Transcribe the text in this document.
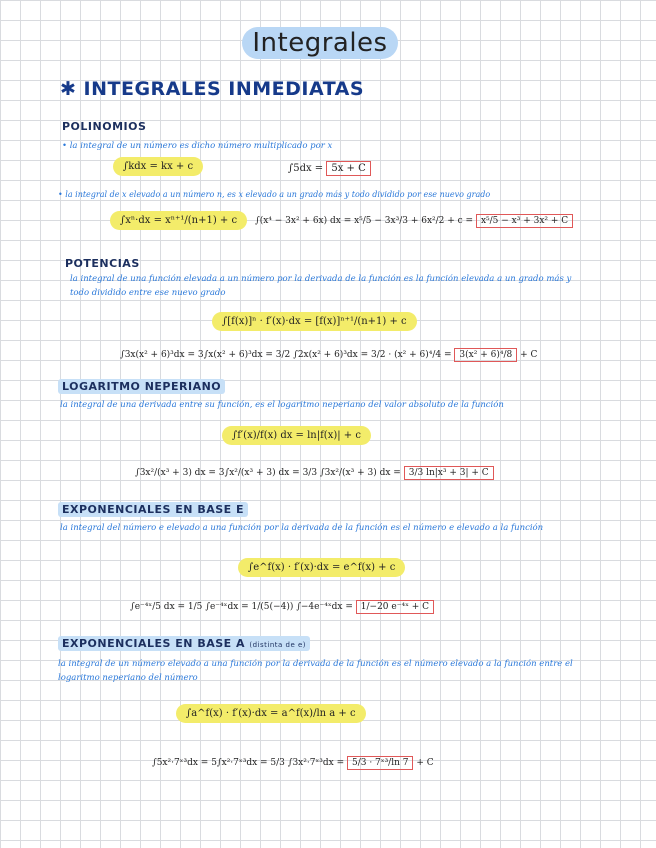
Integrales
✱ INTEGRALES INMEDIATAS
POLINOMIOS
• la integral de un número es dicho número multiplicado por x
∫kdx = kx + c	∫5dx = 5x + C
• la integral de x elevado a un número n, es x elevado a un grado más y todo dividido por ese nuevo grado
∫xⁿ·dx = xⁿ⁺¹/(n+1) + c	∫(x⁴ − 3x² + 6x) dx = x⁵/5 − 3x³/3 + 6x²/2 + c = x⁵/5 − x³ + 3x² + C
POTENCIAS
la integral de una función elevada a un número por la derivada de la función es la función elevada a un grado más y todo dividido entre ese nuevo grado
∫[f(x)]ⁿ · f′(x)·dx = [f(x)]ⁿ⁺¹/(n+1) + c
∫3x(x² + 6)³dx = 3∫x(x² + 6)³dx = 3/2 ∫2x(x² + 6)³dx = 3/2 · (x² + 6)⁴/4 = 3(x² + 6)⁴/8 + C
LOGARITMO NEPERIANO
la integral de una derivada entre su función, es el logaritmo neperiano del valor absoluto de la función
∫f′(x)/f(x) dx = ln|f(x)| + c
∫3x²/(x³ + 3) dx = 3∫x²/(x³ + 3) dx = 3/3 ∫3x²/(x³ + 3) dx = 3/3 ln|x³ + 3| + C
EXPONENCIALES EN BASE E
la integral del número e elevado a una función por la derivada de la función es el número e elevado a la función
∫e^f(x) · f′(x)·dx = e^f(x) + c
∫e⁻⁴ˣ/5 dx = 1/5 ∫e⁻⁴ˣdx = 1/(5(−4)) ∫−4e⁻⁴ˣdx = 1/−20 e⁻⁴ˣ + C
EXPONENCIALES EN BASE A (distinta de e)
la integral de un número elevado a una función por la derivada de la función es el número elevado a la función entre el logaritmo neperiano del número
∫a^f(x) · f′(x)·dx = a^f(x)/ln a + c
∫5x²·7ˣ³dx = 5∫x²·7ˣ³dx = 5/3 ∫3x²·7ˣ³dx = 5/3 · 7ˣ³/ln 7 + C
